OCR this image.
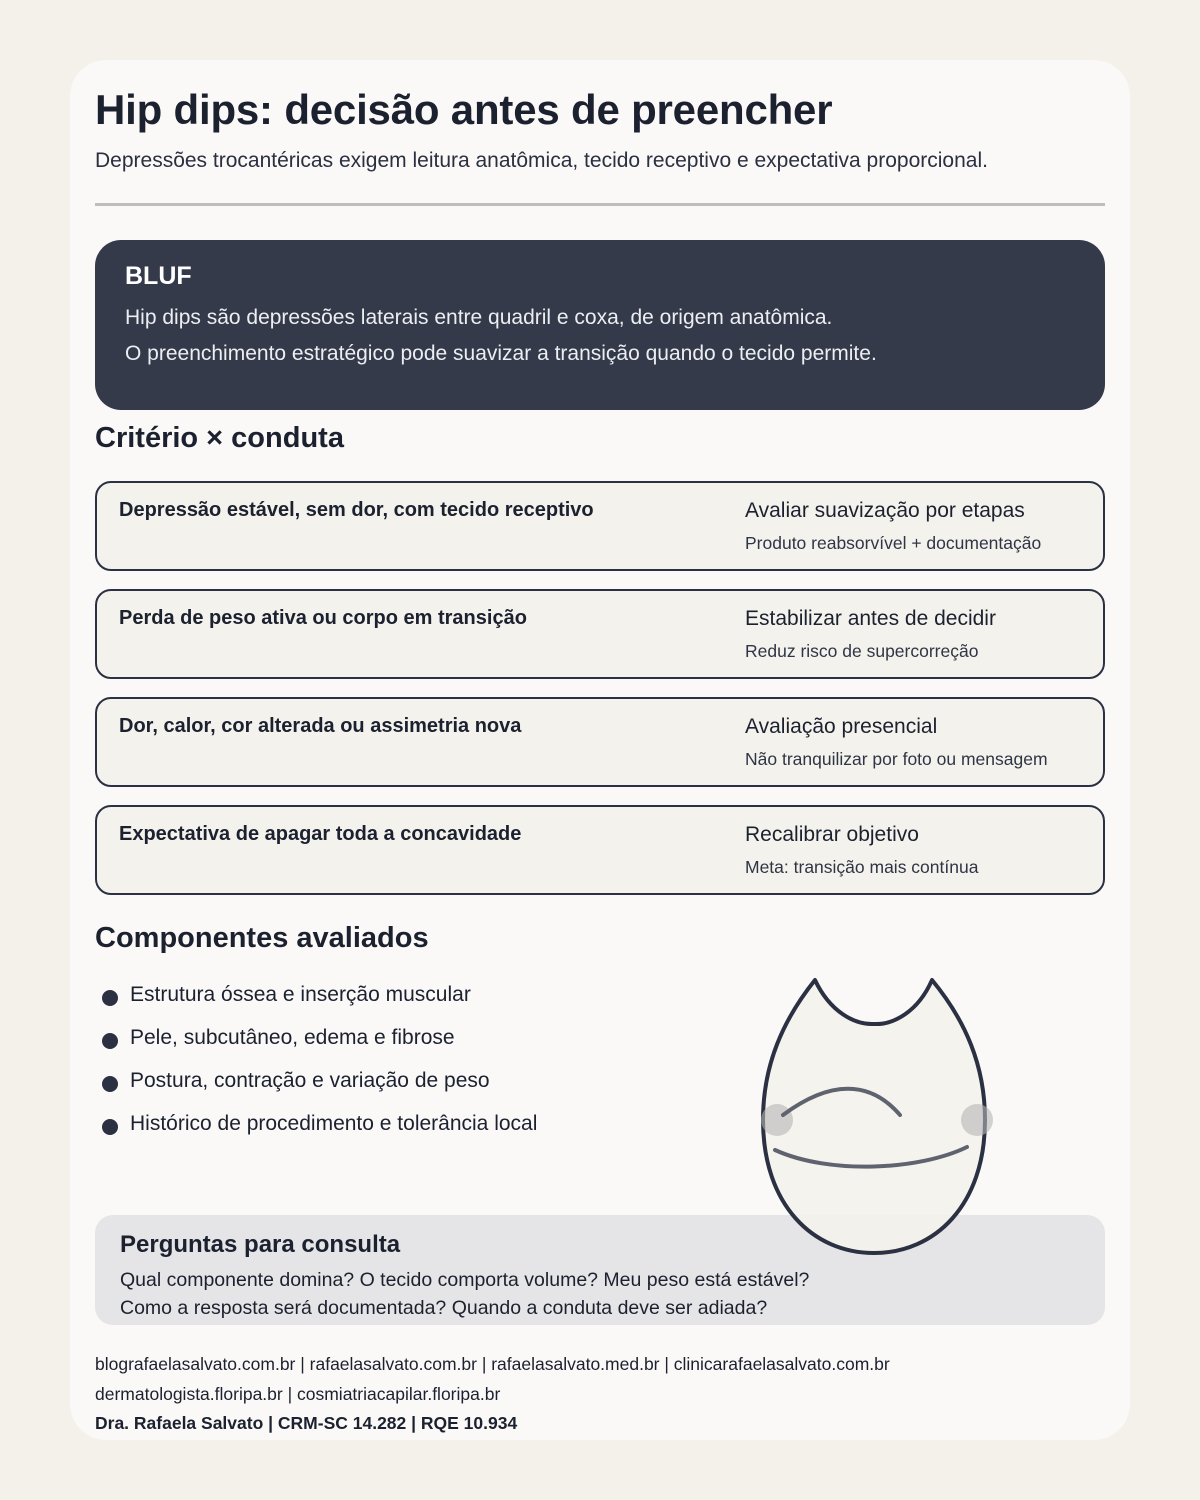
Hip dips: decisão antes de preencher
Depressões trocantéricas exigem leitura anatômica, tecido receptivo e expectativa proporcional.
BLUF
Hip dips são depressões laterais entre quadril e coxa, de origem anatômica.
O preenchimento estratégico pode suavizar a transição quando o tecido permite.
Critério × conduta
Depressão estável, sem dor, com tecido receptivo	Avaliar suavização por etapas
Produto reabsorvível + documentação
Perda de peso ativa ou corpo em transição	Estabilizar antes de decidir
Reduz risco de supercorreção
Dor, calor, cor alterada ou assimetria nova	Avaliação presencial
Não tranquilizar por foto ou mensagem
Expectativa de apagar toda a concavidade	Recalibrar objetivo
Meta: transição mais contínua
Componentes avaliados
Estrutura óssea e inserção muscular
Pele, subcutâneo, edema e fibrose
Postura, contração e variação de peso
Histórico de procedimento e tolerância local
Perguntas para consulta
Qual componente domina? O tecido comporta volume? Meu peso está estável?
Como a resposta será documentada? Quando a conduta deve ser adiada?
blografaelasalvato.com.br | rafaelasalvato.com.br | rafaelasalvato.med.br | clinicarafaelasalvato.com.br
dermatologista.floripa.br | cosmiatriacapilar.floripa.br
Dra. Rafaela Salvato | CRM-SC 14.282 | RQE 10.934
